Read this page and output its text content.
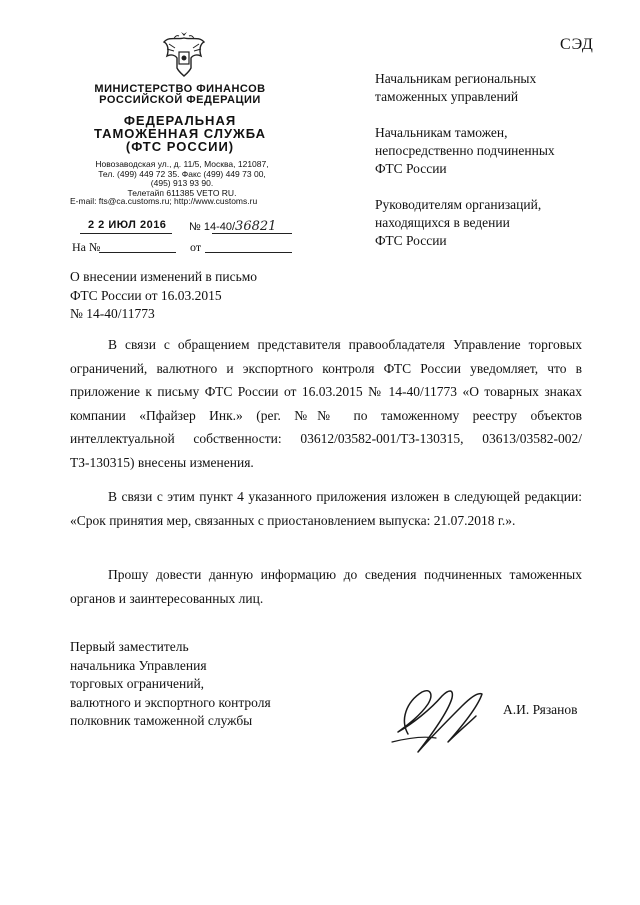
СЭД
МИНИСТЕРСТВО ФИНАНСОВ
РОССИЙСКОЙ ФЕДЕРАЦИИ
ФЕДЕРАЛЬНАЯ
ТАМОЖЕННАЯ СЛУЖБА
(ФТС РОССИИ)
Новозаводская ул., д. 11/5, Москва, 121087,
Тел. (499) 449 72 35. Факс (499) 449 73 00,
(495) 913 93 90.
Телетайп 611385 VETO RU.
E-mail: fts@ca.customs.ru; http://www.customs.ru
2 2 ИЮЛ 2016 № 14-40/36821
На №	от
Начальникам региональных
таможенных управлений
Начальникам таможен,
непосредственно подчиненных
ФТС России
Руководителям организаций,
находящихся в ведении
ФТС России
О внесении изменений в письмо
ФТС России от 16.03.2015
№ 14-40/11773
В связи с обращением представителя правообладателя Управление торговых ограничений, валютного и экспортного контроля ФТС России уведомляет, что в приложение к письму ФТС России от 16.03.2015 № 14-40/11773 «О товарных знаках компании «Пфайзер Инк.» (рег. №№ по таможенному реестру объектов интеллектуальной собственности: 03612/03582-001/ТЗ-130315, 03613/03582-002/ТЗ-130315) внесены изменения.
В связи с этим пункт 4 указанного приложения изложен в следующей редакции: «Срок принятия мер, связанных с приостановлением выпуска: 21.07.2018 г.».
Прошу довести данную информацию до сведения подчиненных таможенных органов и заинтересованных лиц.
Первый заместитель
начальника Управления
торговых ограничений,
валютного и экспортного контроля
полковник таможенной службы
А.И. Рязанов
